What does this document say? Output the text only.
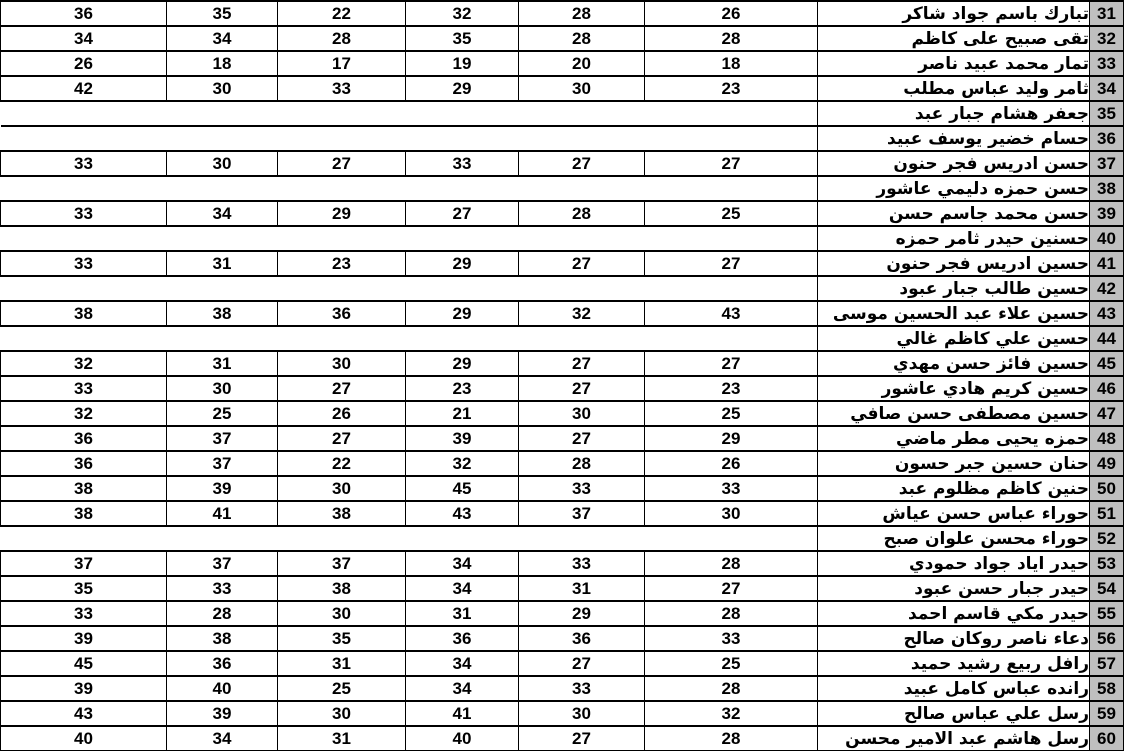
36	35	22	32	28	26	تبارك باسم جواد شاكر	31
34	34	28	35	28	28	تقى صبيح على كاظم	32
26	18	17	19	20	18	تمار محمد عبيد ناصر	33
42	30	33	29	30	23	ثامر وليد عباس مطلب	34
						جعفر هشام جبار عبد	35
						حسام خضير يوسف عبيد	36
33	30	27	33	27	27	حسن ادريس فجر حنون	37
						حسن حمزه دليمي عاشور	38
33	34	29	27	28	25	حسن محمد جاسم حسن	39
						حسنين حيدر ثامر حمزه	40
33	31	23	29	27	27	حسين ادريس فجر حنون	41
						حسين طالب جبار عبود	42
38	38	36	29	32	43	حسين علاء عبد الحسين موسى	43
						حسين علي كاظم غالي	44
32	31	30	29	27	27	حسين فائز حسن مهدي	45
33	30	27	23	27	23	حسين كريم هادي عاشور	46
32	25	26	21	30	25	حسين مصطفى حسن صافي	47
36	37	27	39	27	29	حمزه يحيى مطر ماضي	48
36	37	22	32	28	26	حنان حسين جبر حسون	49
38	39	30	45	33	33	حنين كاظم مظلوم عبد	50
38	41	38	43	37	30	حوراء عباس حسن عياش	51
						حوراء محسن علوان صبح	52
37	37	37	34	33	28	حيدر اياد جواد حمودي	53
35	33	38	34	31	27	حيدر جبار حسن عبود	54
33	28	30	31	29	28	حيدر مكي قاسم احمد	55
39	38	35	36	36	33	دعاء ناصر روكان صالح	56
45	36	31	34	27	25	رافل ربيع رشيد حميد	57
39	40	25	34	33	28	رانده عباس كامل عبيد	58
43	39	30	41	30	32	رسل علي عباس صالح	59
40	34	31	40	27	28	رسل هاشم عبد الامير محسن	60
